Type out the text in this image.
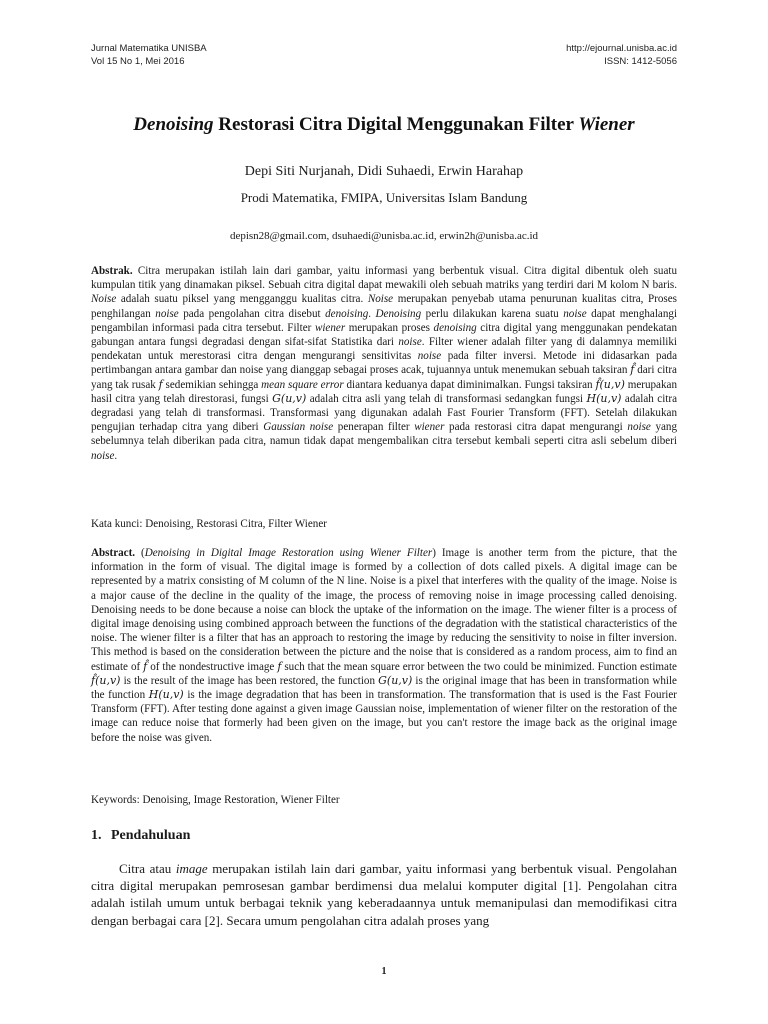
Jurnal Matematika UNISBA
Vol 15 No 1, Mei 2016
http://ejournal.unisba.ac.id
ISSN: 1412-5056
Denoising Restorasi Citra Digital Menggunakan Filter Wiener
Depi Siti Nurjanah, Didi Suhaedi, Erwin Harahap
Prodi Matematika, FMIPA, Universitas Islam Bandung
depisn28@gmail.com, dsuhaedi@unisba.ac.id, erwin2h@unisba.ac.id
Abstrak. Citra merupakan istilah lain dari gambar, yaitu informasi yang berbentuk visual. Citra digital dibentuk oleh suatu kumpulan titik yang dinamakan piksel. Sebuah citra digital dapat mewakili oleh sebuah matriks yang terdiri dari M kolom N baris. Noise adalah suatu piksel yang mengganggu kualitas citra. Noise merupakan penyebab utama penurunan kualitas citra, Proses penghilangan noise pada pengolahan citra disebut denoising. Denoising perlu dilakukan karena suatu noise dapat menghalangi pengambilan informasi pada citra tersebut. Filter wiener merupakan proses denoising citra digital yang menggunakan pendekatan gabungan antara fungsi degradasi dengan sifat-sifat Statistika dari noise. Filter wiener adalah filter yang di dalamnya memiliki pendekatan untuk merestorasi citra dengan mengurangi sensitivitas noise pada filter inversi. Metode ini didasarkan pada pertimbangan antara gambar dan noise yang dianggap sebagai proses acak, tujuannya untuk menemukan sebuah taksiran f̂ dari citra yang tak rusak f sedemikian sehingga mean square error diantara keduanya dapat diminimalkan. Fungsi taksiran f̂(u,v) merupakan hasil citra yang telah direstorasi, fungsi G(u,v) adalah citra asli yang telah di transformasi sedangkan fungsi H(u,v) adalah citra degradasi yang telah di transformasi. Transformasi yang digunakan adalah Fast Fourier Transform (FFT). Setelah dilakukan pengujian terhadap citra yang diberi Gaussian noise penerapan filter wiener pada restorasi citra dapat mengurangi noise yang sebelumnya telah diberikan pada citra, namun tidak dapat mengembalikan citra tersebut kembali seperti citra asli sebelum diberi noise.
Kata kunci: Denoising, Restorasi Citra, Filter Wiener
Abstract. (Denoising in Digital Image Restoration using Wiener Filter) Image is another term from the picture, that the information in the form of visual. The digital image is formed by a collection of dots called pixels. A digital image can be represented by a matrix consisting of M column of the N line. Noise is a pixel that interferes with the quality of the image. Noise is a major cause of the decline in the quality of the image, the process of removing noise in image processing called denoising. Denoising needs to be done because a noise can block the uptake of the information on the image. The wiener filter is a process of digital image denoising using combined approach between the functions of the degradation with the statistical characteristics of the noise. The wiener filter is a filter that has an approach to restoring the image by reducing the sensitivity to noise in filter inversion. This method is based on the consideration between the picture and the noise that is considered as a random process, aim to find an estimate of f̂ of the nondestructive image f such that the mean square error between the two could be minimized. Function estimate f̂(u,v) is the result of the image has been restored, the function G(u,v) is the original image that has been in transformation while the function H(u,v) is the image degradation that has been in transformation. The transformation that is used is the Fast Fourier Transform (FFT). After testing done against a given image Gaussian noise, implementation of wiener filter on the restoration of the image can reduce noise that formerly had been given on the image, but you can't restore the image back as the original image before the noise was given.
Keywords: Denoising, Image Restoration, Wiener Filter
1. Pendahuluan
Citra atau image merupakan istilah lain dari gambar, yaitu informasi yang berbentuk visual. Pengolahan citra digital merupakan pemrosesan gambar berdimensi dua melalui komputer digital [1]. Pengolahan citra adalah istilah umum untuk berbagai teknik yang keberadaannya untuk memanipulasi dan memodifikasi citra dengan berbagai cara [2]. Secara umum pengolahan citra adalah proses yang
1
